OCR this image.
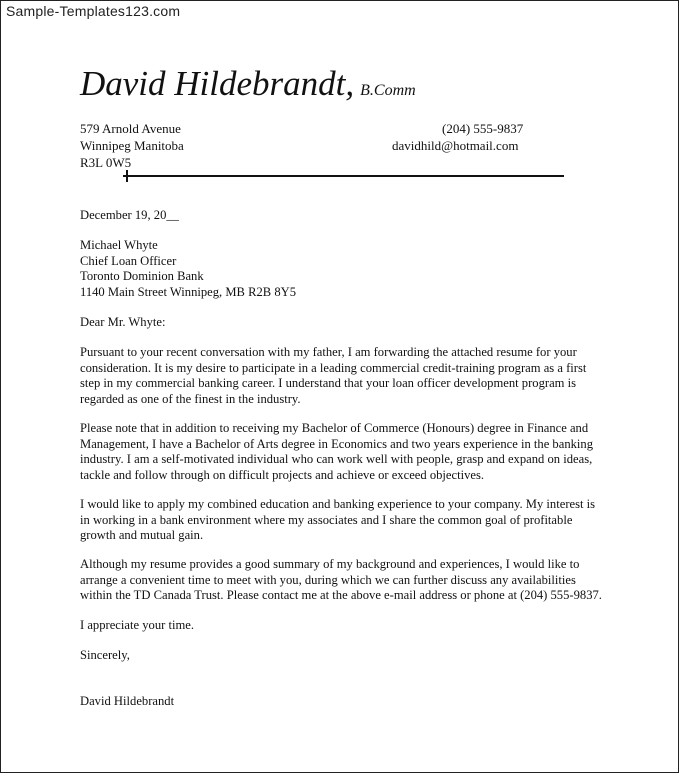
Sample-Templates123.com
David Hildebrandt, B.Comm
579 Arnold Avenue
Winnipeg Manitoba
R3L 0W5
(204) 555-9837
davidhild@hotmail.com
December 19, 20__
Michael Whyte
Chief Loan Officer
Toronto Dominion Bank
1140 Main Street Winnipeg, MB R2B 8Y5
Dear Mr. Whyte:
Pursuant to your recent conversation with my father, I am forwarding the attached resume for your
consideration. It is my desire to participate in a leading commercial credit-training program as a first
step in my commercial banking career. I understand that your loan officer development program is
regarded as one of the finest in the industry.
Please note that in addition to receiving my Bachelor of Commerce (Honours) degree in Finance and
Management, I have a Bachelor of Arts degree in Economics and two years experience in the banking
industry. I am a self-motivated individual who can work well with people, grasp and expand on ideas,
tackle and follow through on difficult projects and achieve or exceed objectives.
I would like to apply my combined education and banking experience to your company. My interest is
in working in a bank environment where my associates and I share the common goal of profitable
growth and mutual gain.
Although my resume provides a good summary of my background and experiences, I would like to
arrange a convenient time to meet with you, during which we can further discuss any availabilities
within the TD Canada Trust. Please contact me at the above e-mail address or phone at (204) 555-9837.
I appreciate your time.
Sincerely,
David Hildebrandt
